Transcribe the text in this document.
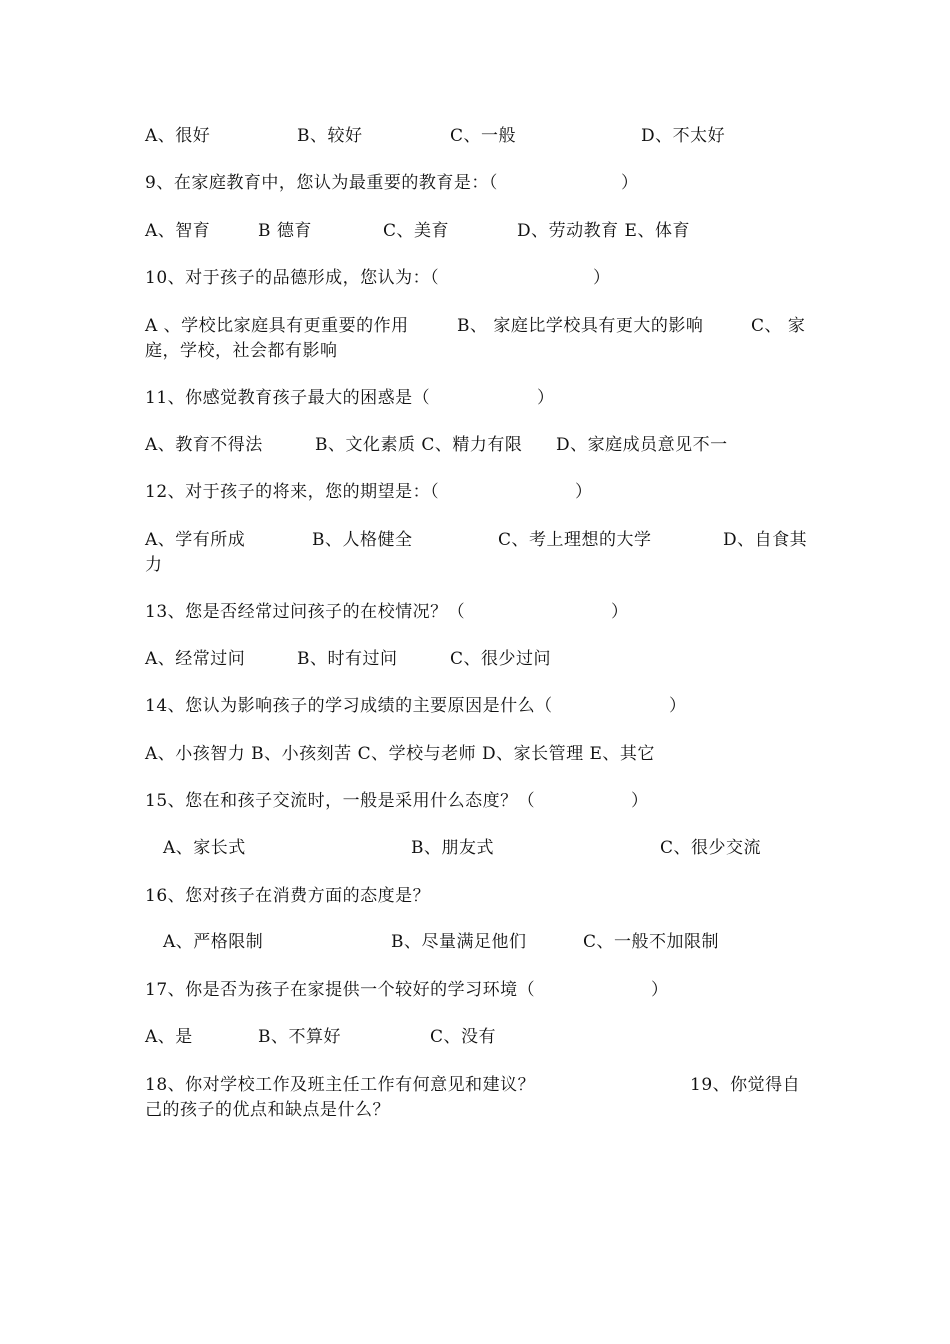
A、很好	B、较好	C、一般	D、不太好
9、在家庭教育中，您认为最重要的教育是：（	）
A、智育	B 德育	C、美育	D、劳动教育 E、体育
10、对于孩子的品德形成，您认为：（	）
A 、学校比家庭具有更重要的作用	B、 家庭比学校具有更大的影响	C、 家
庭，学校，社会都有影响
11、你感觉教育孩子最大的困惑是（	）
A、教育不得法	B、文化素质 C、精力有限 D、家庭成员意见不一
12、对于孩子的将来，您的期望是：（	）
A、学有所成	B、人格健全	C、考上理想的大学	D、自食其
力
13、您是否经常过问孩子的在校情况？（	）
A、经常过问	B、时有过问	C、很少过问
14、您认为影响孩子的学习成绩的主要原因是什么（	）
A、小孩智力 B、小孩刻苦 C、学校与老师 D、家长管理 E、其它
15、您在和孩子交流时，一般是采用什么态度？（	）
A、家长式	B、朋友式	C、很少交流
16、您对孩子在消费方面的态度是？
A、严格限制	B、尽量满足他们	C、一般不加限制
17、你是否为孩子在家提供一个较好的学习环境（	）
A、是	B、不算好	C、没有
18、你对学校工作及班主任工作有何意见和建议？	19、你觉得自
己的孩子的优点和缺点是什么？
